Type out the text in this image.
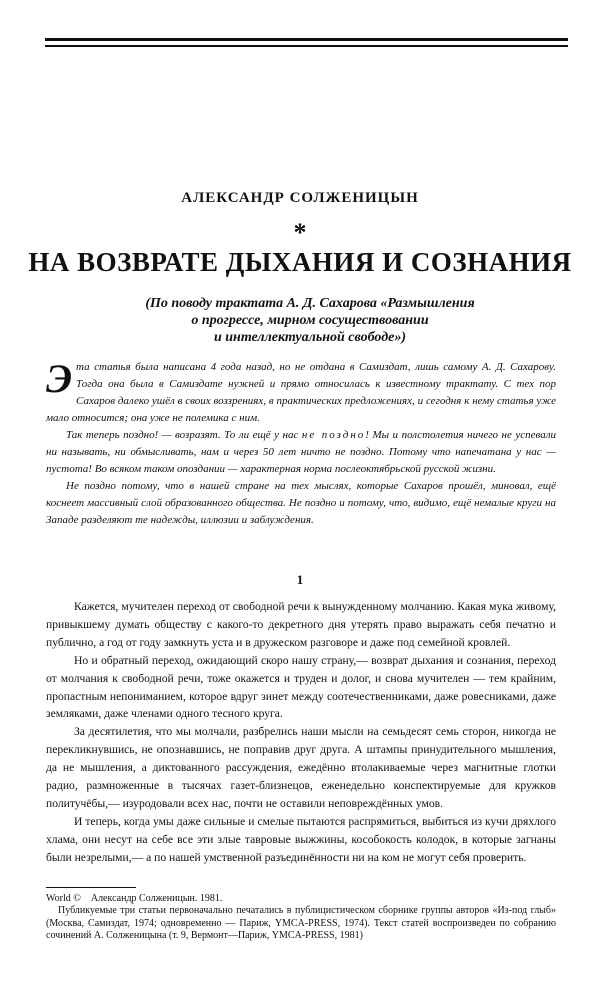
АЛЕКСАНДР СОЛЖЕНИЦЫН
*
НА ВОЗВРАТЕ ДЫХАНИЯ И СОЗНАНИЯ
(По поводу трактата А. Д. Сахарова «Размышления
о прогрессе, мирном сосуществовании
и интеллектуальной свободе»)

Эта статья была написана 4 года назад, но не отдана в Самиздат, лишь самому А. Д. Сахарову. Тогда она была в Самиздате нужней и прямо относилась к известному трактату. С тех пор Сахаров далеко ушёл в своих воззрениях, в практических предложениях, и сегодня к нему статья уже мало относится; она уже не полемика с ним.

Так теперь поздно! — возразят. То ли ещё у нас не поздно! Мы и полстолетия ничего не успевали ни называть, ни обмысливать, нам и через 50 лет ничто не поздно. Потому что напечатана у нас — пустота! Во всяком таком опоздании — характерная норма послеоктябрьской русской жизни.

Не поздно потому, что в нашей стране на тех мыслях, которые Сахаров прошёл, миновал, ещё коснеет массивный слой образованного общества. Не поздно и потому, что, видимо, ещё немалые круги на Западе разделяют те надежды, иллюзии и заблуждения.

1

Кажется, мучителен переход от свободной речи к вынужденному молчанию. Какая мука живому, привыкшему думать обществу с какого-то декретного дня утерять право выражать себя печатно и публично, а год от году замкнуть уста и в дружеском разговоре и даже под семейной кровлей.

Но и обратный переход, ожидающий скоро нашу страну,— возврат дыхания и сознания, переход от молчания к свободной речи, тоже окажется и труден и долог, и снова мучителен — тем крайним, пропастным непониманием, которое вдруг зинет между соотечественниками, даже ровесниками, даже земляками, даже членами одного тесного круга.

За десятилетия, что мы молчали, разбрелись наши мысли на семьдесят семь сторон, никогда не перекликнувшись, не опознавшись, не поправив друг друга. А штампы принудительного мышления, да не мышления, а диктованного рассуждения, ежедённо втолакиваемые через магнитные глотки радио, размноженные в тысячах газет-близнецов, еженедельно конспектируемые для кружков политучёбы,— изуродовали всех нас, почти не оставили неповреждённых умов.

И теперь, когда умы даже сильные и смелые пытаются распрямиться, выбиться из кучи дряхлого хлама, они несут на себе все эти злые тавровые выжжины, кособокость колодок, в которые загнаны были незрелыми,— а по нашей умственной разъединённости ни на ком не могут себя проверить.

World © Александр Солженицын. 1981.

Публикуемые три статьи первоначально печатались в публицистическом сборнике группы авторов «Из-под глыб» (Москва, Самиздат, 1974; одновременно — Париж, YMCA-PRESS, 1974). Текст статей воспроизведен по собранию сочинений А. Солженицына (т. 9, Вермонт—Париж, YMCA-PRESS, 1981)
